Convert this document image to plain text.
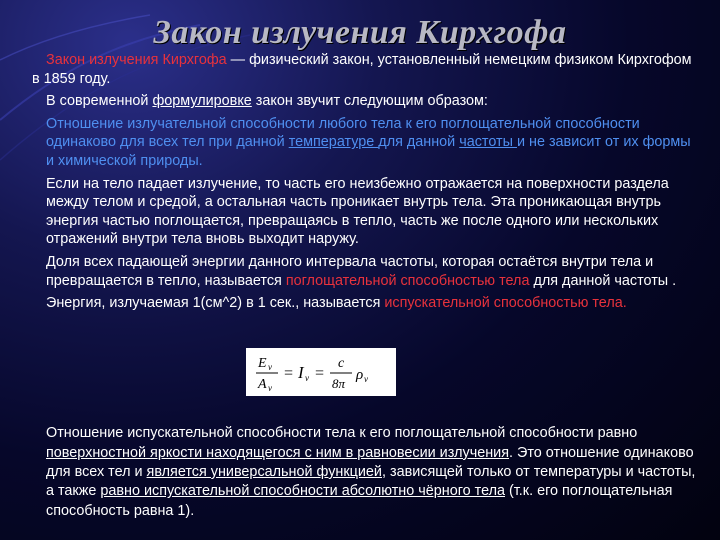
Закон излучения Кирхгофа

Закон излучения Кирхгофа — физический закон, установленный немецким физиком Кирхгофом в 1859 году.

В современной формулировке закон звучит следующим образом:

Отношение излучательной способности любого тела к его поглощательной способности одинаково для всех тел при данной температуре для данной частоты и не зависит от их формы и химической природы.

Если на тело падает излучение, то часть его неизбежно отражается на поверхности раздела между телом и средой, а остальная часть проникает внутрь тела. Эта проникающая внутрь энергия частью поглощается, превращаясь в тепло, часть же после одного или нескольких отражений внутри тела вновь выходит наружу.

Доля всех падающей энергии данного интервала частоты, которая остаётся внутри тела и превращается в тепло, называется поглощательной способностью тела для данной частоты .

Энергия, излучаемая 1(см^2) в 1 сек., называется испускательной способностью тела.

E ν
A ν
= I ν =
c
8π
ρ ν

Отношение испускательной способности тела к его поглощательной способности равно поверхностной яркости находящегося с ним в равновесии излучения. Это отношение одинаково для всех тел и является универсальной функцией, зависящей только от температуры и частоты, а также равно испускательной способности абсолютно чёрного тела (т.к. его поглощательная способность равна 1).
